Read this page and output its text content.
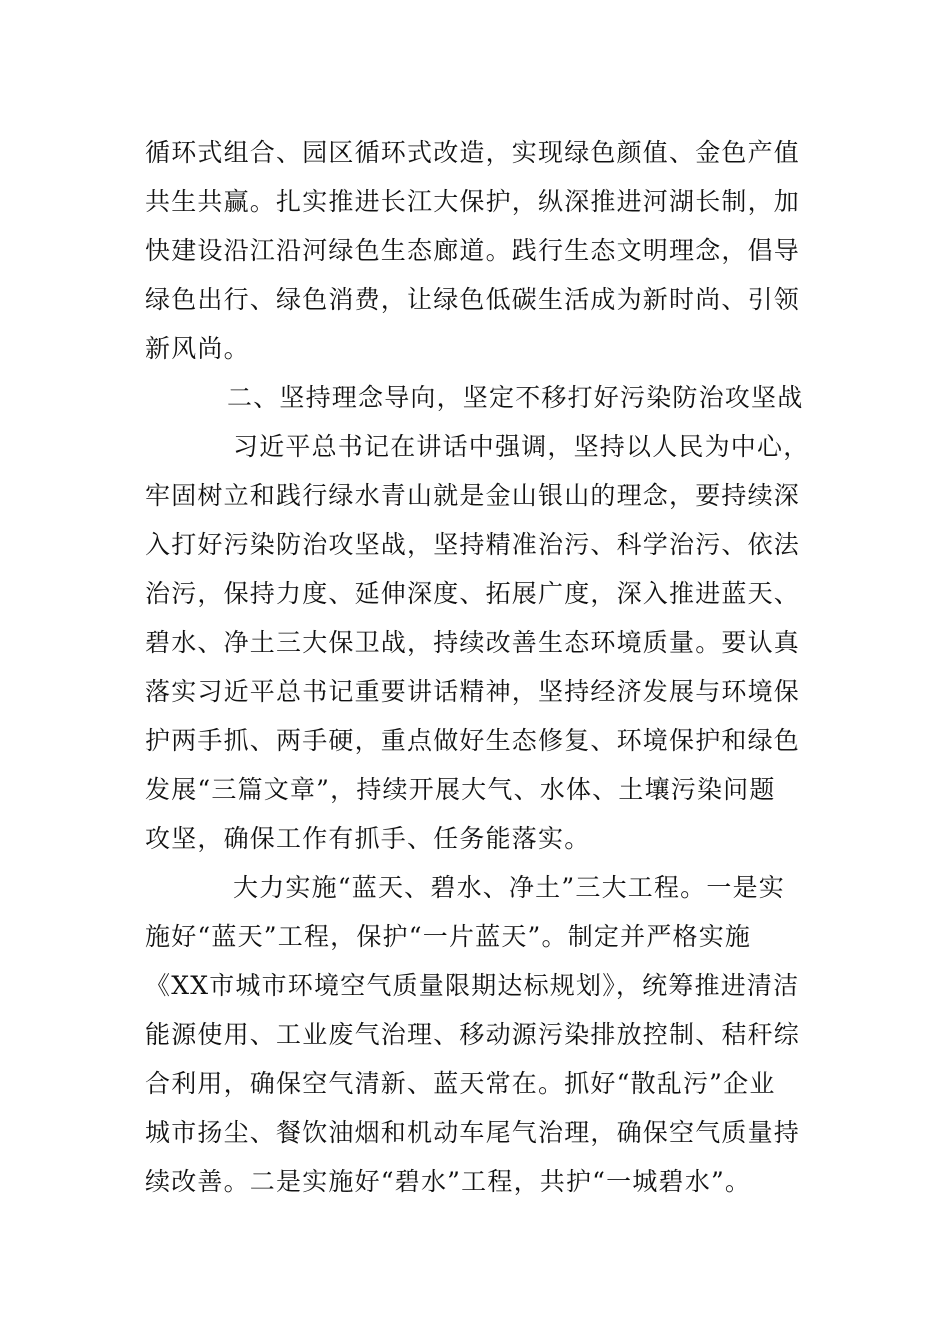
循环式组合、园区循环式改造，实现绿色颜值、金色产值
共生共赢。扎实推进长江大保护，纵深推进河湖长制，加
快建设沿江沿河绿色生态廊道。践行生态文明理念，倡导
绿色出行、绿色消费，让绿色低碳生活成为新时尚、引领
新风尚。
二、坚持理念导向，坚定不移打好污染防治攻坚战
习近平总书记在讲话中强调，坚持以人民为中心，
牢固树立和践行绿水青山就是金山银山的理念，要持续深
入打好污染防治攻坚战，坚持精准治污、科学治污、依法
治污，保持力度、延伸深度、拓展广度，深入推进蓝天、
碧水、净土三大保卫战，持续改善生态环境质量。要认真
落实习近平总书记重要讲话精神，坚持经济发展与环境保
护两手抓、两手硬，重点做好生态修复、环境保护和绿色
发展“三篇文章”，持续开展大气、水体、土壤污染问题
攻坚，确保工作有抓手、任务能落实。
大力实施“蓝天、碧水、净土”三大工程。一是实
施好“蓝天”工程，保护“一片蓝天”。制定并严格实施
《XX市城市环境空气质量限期达标规划》，统筹推进清洁
能源使用、工业废气治理、移动源污染排放控制、秸秆综
合利用，确保空气清新、蓝天常在。抓好“散乱污”企业
城市扬尘、餐饮油烟和机动车尾气治理，确保空气质量持
续改善。二是实施好“碧水”工程，共护“一城碧水”。
